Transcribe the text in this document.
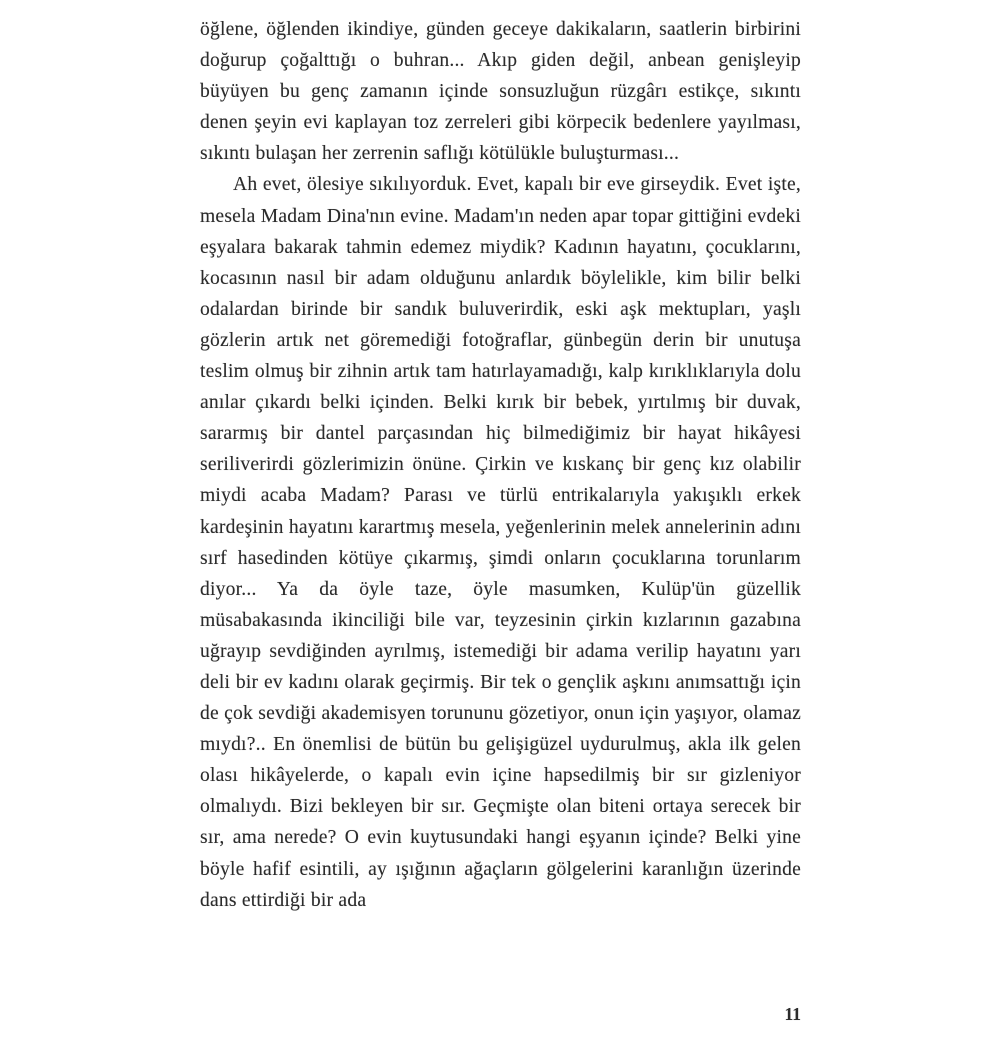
öğlene, öğlenden ikindiye, günden geceye dakikaların, saatlerin birbirini doğurup çoğalttığı o buhran... Akıp giden değil, anbean genişleyip büyüyen bu genç zamanın içinde sonsuzluğun rüzgârı estikçe, sıkıntı denen şeyin evi kaplayan toz zerreleri gibi körpecik bedenlere yayılması, sıkıntı bulaşan her zerrenin saflığı kötülükle buluşturması...

Ah evet, ölesiye sıkılıyorduk. Evet, kapalı bir eve girseydik. Evet işte, mesela Madam Dina'nın evine. Madam'ın neden apar topar gittiğini evdeki eşyalara bakarak tahmin edemez miydik? Kadının hayatını, çocuklarını, kocasının nasıl bir adam olduğunu anlardık böylelikle, kim bilir belki odalardan birinde bir sandık buluverirdik, eski aşk mektupları, yaşlı gözlerin artık net göremediği fotoğraflar, günbegün derin bir unutuşa teslim olmuş bir zihnin artık tam hatırlayamadığı, kalp kırıklıklarıyla dolu anılar çıkardı belki içinden. Belki kırık bir bebek, yırtılmış bir duvak, sararmış bir dantel parçasından hiç bilmediğimiz bir hayat hikâyesi seriliverirdi gözlerimizin önüne. Çirkin ve kıskanç bir genç kız olabilir miydi acaba Madam? Parası ve türlü entrikalarıyla yakışıklı erkek kardeşinin hayatını karartmış mesela, yeğenlerinin melek annelerinin adını sırf hasedinden kötüye çıkarmış, şimdi onların çocuklarına torunlarım diyor... Ya da öyle taze, öyle masumken, Kulüp'ün güzellik müsabakasında ikinciliği bile var, teyzesinin çirkin kızlarının gazabına uğrayıp sevdiğinden ayrılmış, istemediği bir adama verilip hayatını yarı deli bir ev kadını olarak geçirmiş. Bir tek o gençlik aşkını anımsattığı için de çok sevdiği akademisyen torununu gözetiyor, onun için yaşıyor, olamaz mıydı?.. En önemlisi de bütün bu gelişigüzel uydurulmuş, akla ilk gelen olası hikâyelerde, o kapalı evin içine hapsedilmiş bir sır gizleniyor olmalıydı. Bizi bekleyen bir sır. Geçmişte olan biteni ortaya serecek bir sır, ama nerede? O evin kuytusundaki hangi eşyanın içinde? Belki yine böyle hafif esintili, ay ışığının ağaçların gölgelerini karanlığın üzerinde dans ettirdiği bir ada

11
